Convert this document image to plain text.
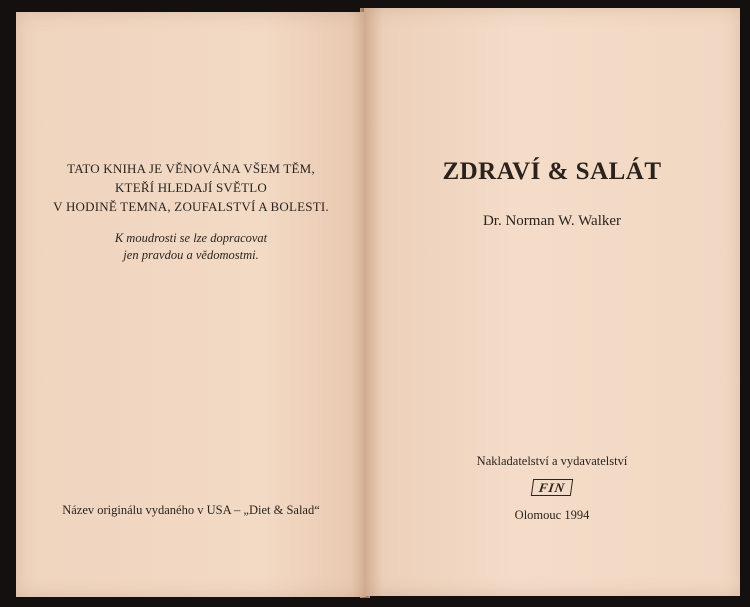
TATO KNIHA JE VĚNOVÁNA VŠEM TĚM,
KTEŘÍ HLEDAJÍ SVĚTLO
V HODINĚ TEMNA, ZOUFALSTVÍ A BOLESTI.
K moudrosti se lze dopracovat
jen pravdou a vědomostmi.
Název originálu vydaného v USA – „Diet & Salad“
ZDRAVÍ & SALÁT
Dr. Norman W. Walker
Nakladatelství a vydavatelství
FIN
Olomouc 1994
